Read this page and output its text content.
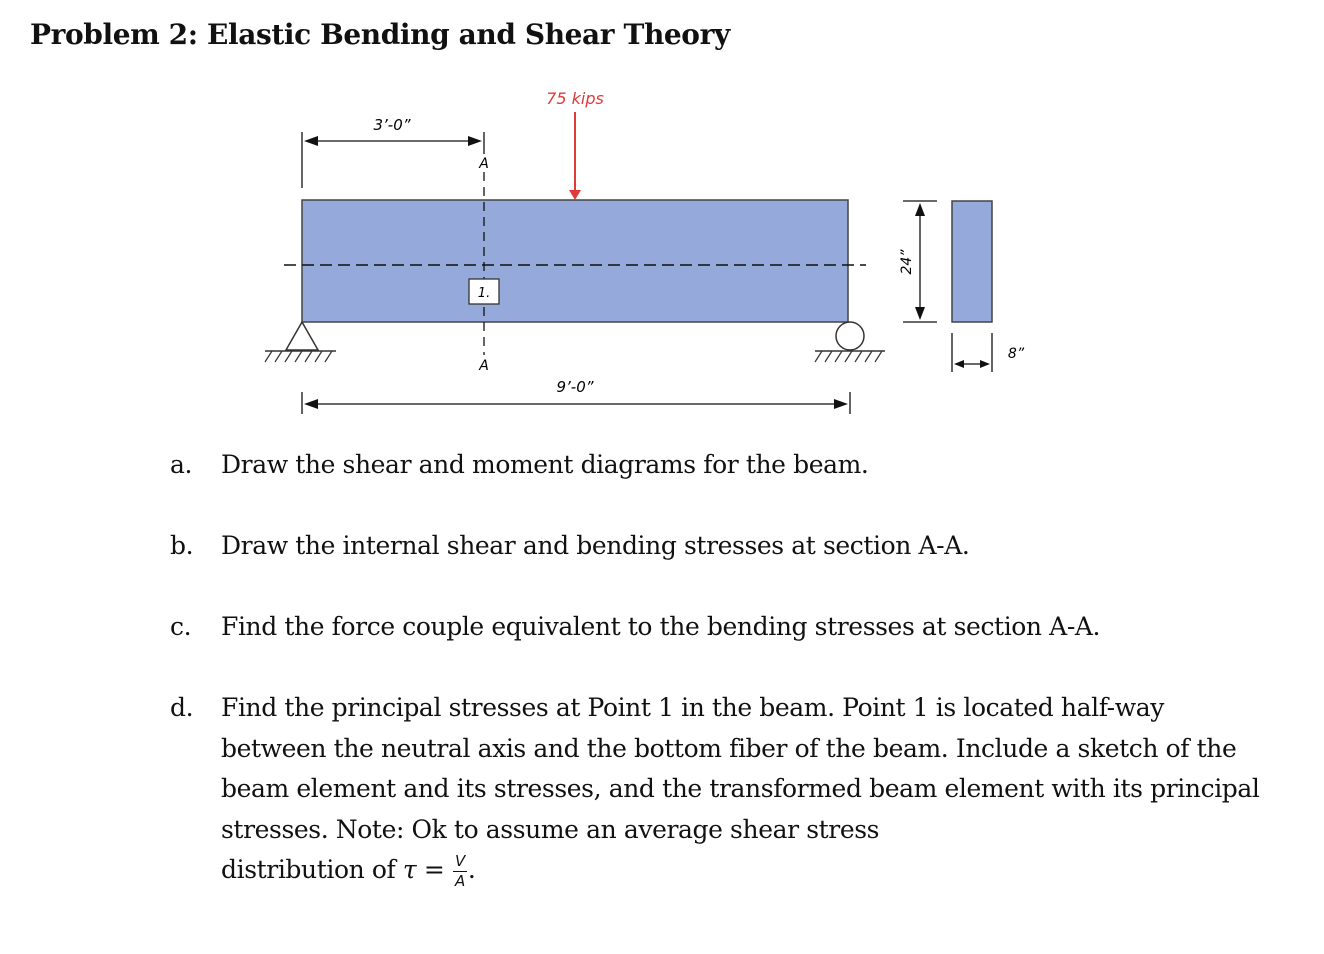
Problem 2: Elastic Bending and Shear Theory
A
A
1.
75 kips
3’-0”
9’-0”
24”
8”
a.	Draw the shear and moment diagrams for the beam.
b.	Draw the internal shear and bending stresses at section A-A.
c.	Find the force couple equivalent to the bending stresses at section A-A.
d.	Find the principal stresses at Point 1 in the beam. Point 1 is located half-way between the neutral axis and the bottom fiber of the beam. Include a sketch of the beam element and its stresses, and the transformed beam element with its principal stresses. Note: Ok to assume an average shear stress
distribution of $\tau = \frac{V}{A}$ .
